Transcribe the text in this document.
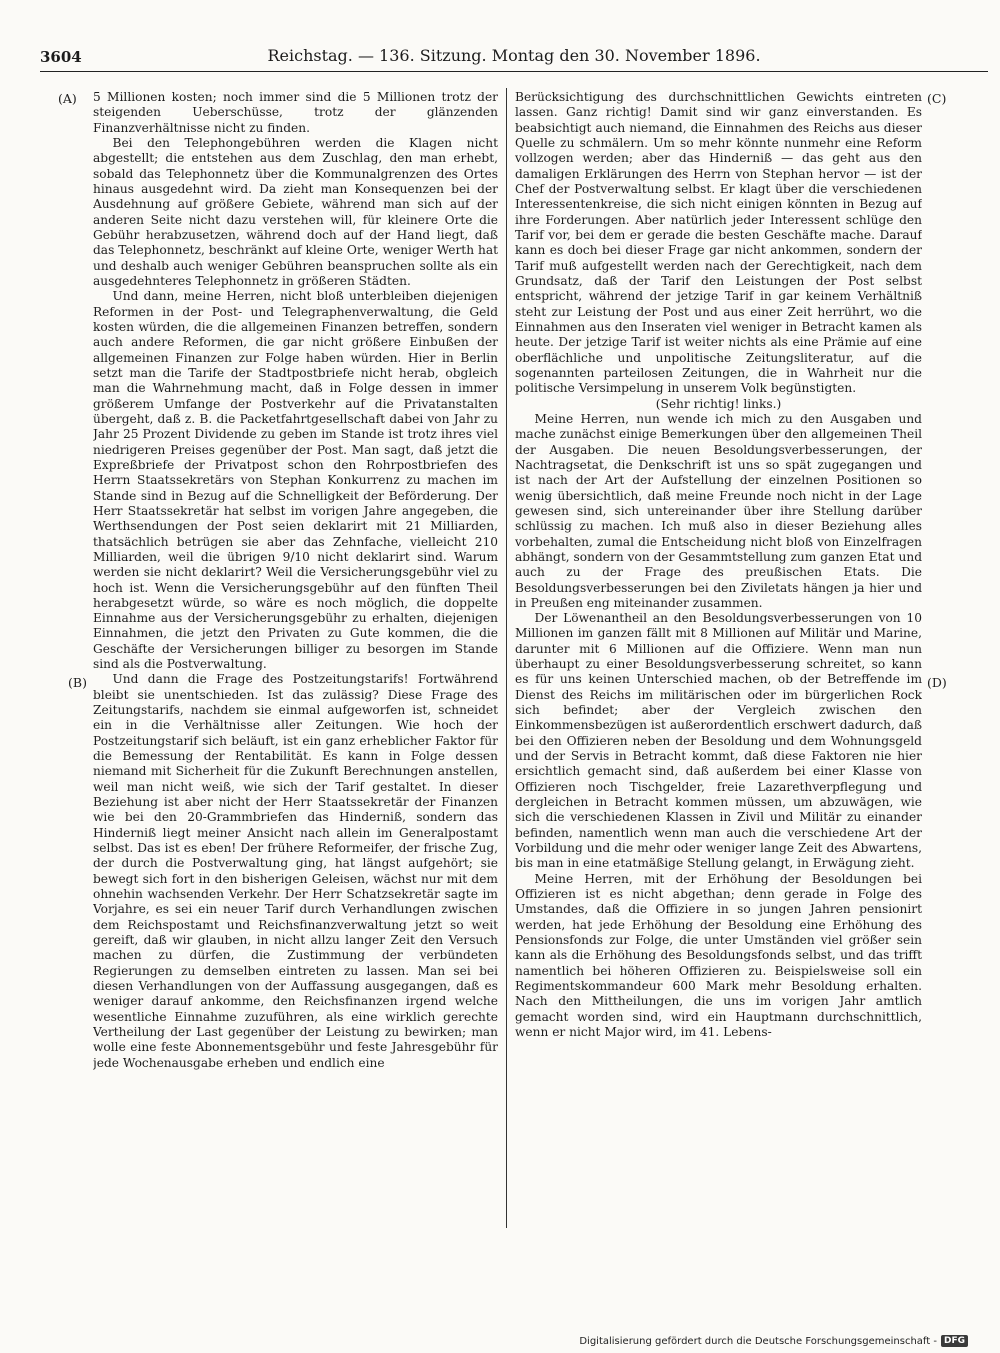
3604	Reichstag. — 136. Sitzung. Montag den 30. November 1896.
(A)
(B)
(C)
(D)

5 Millionen kosten; noch immer sind die 5 Millionen trotz der steigenden Ueberschüsse, trotz der glänzenden Finanzverhältnisse nicht zu finden.

Bei den Telephongebühren werden die Klagen nicht abgestellt; die entstehen aus dem Zuschlag, den man erhebt, sobald das Telephonnetz über die Kommunalgrenzen des Ortes hinaus ausgedehnt wird. Da zieht man Konsequenzen bei der Ausdehnung auf größere Gebiete, während man sich auf der anderen Seite nicht dazu verstehen will, für kleinere Orte die Gebühr herabzusetzen, während doch auf der Hand liegt, daß das Telephonnetz, beschränkt auf kleine Orte, weniger Werth hat und deshalb auch weniger Gebühren beanspruchen sollte als ein ausgedehnteres Telephonnetz in größeren Städten.

Und dann, meine Herren, nicht bloß unterbleiben diejenigen Reformen in der Post- und Telegraphenverwaltung, die Geld kosten würden, die die allgemeinen Finanzen betreffen, sondern auch andere Reformen, die gar nicht größere Einbußen der allgemeinen Finanzen zur Folge haben würden. Hier in Berlin setzt man die Tarife der Stadtpostbriefe nicht herab, obgleich man die Wahrnehmung macht, daß in Folge dessen in immer größerem Umfange der Postverkehr auf die Privatanstalten übergeht, daß z. B. die Packetfahrtgesellschaft dabei von Jahr zu Jahr 25 Prozent Dividende zu geben im Stande ist trotz ihres viel niedrigeren Preises gegenüber der Post. Man sagt, daß jetzt die Expreßbriefe der Privatpost schon den Rohrpostbriefen des Herrn Staatssekretärs von Stephan Konkurrenz zu machen im Stande sind in Bezug auf die Schnelligkeit der Beförderung. Der Herr Staatssekretär hat selbst im vorigen Jahre angegeben, die Werthsendungen der Post seien deklarirt mit 21 Milliarden, thatsächlich betrügen sie aber das Zehnfache, vielleicht 210 Milliarden, weil die übrigen 9/10 nicht deklarirt sind. Warum werden sie nicht deklarirt? Weil die Versicherungsgebühr viel zu hoch ist. Wenn die Versicherungsgebühr auf den fünften Theil herabgesetzt würde, so wäre es noch möglich, die doppelte Einnahme aus der Versicherungsgebühr zu erhalten, diejenigen Einnahmen, die jetzt den Privaten zu Gute kommen, die die Geschäfte der Versicherungen billiger zu besorgen im Stande sind als die Postverwaltung.

Und dann die Frage des Postzeitungstarifs! Fortwährend bleibt sie unentschieden. Ist das zulässig? Diese Frage des Zeitungstarifs, nachdem sie einmal aufgeworfen ist, schneidet ein in die Verhältnisse aller Zeitungen. Wie hoch der Postzeitungstarif sich beläuft, ist ein ganz erheblicher Faktor für die Bemessung der Rentabilität. Es kann in Folge dessen niemand mit Sicherheit für die Zukunft Berechnungen anstellen, weil man nicht weiß, wie sich der Tarif gestaltet. In dieser Beziehung ist aber nicht der Herr Staatssekretär der Finanzen wie bei den 20-Grammbriefen das Hinderniß, sondern das Hinderniß liegt meiner Ansicht nach allein im Generalpostamt selbst. Das ist es eben! Der frühere Reformeifer, der frische Zug, der durch die Postverwaltung ging, hat längst aufgehört; sie bewegt sich fort in den bisherigen Geleisen, wächst nur mit dem ohnehin wachsenden Verkehr. Der Herr Schatzsekretär sagte im Vorjahre, es sei ein neuer Tarif durch Verhandlungen zwischen dem Reichspostamt und Reichsfinanzverwaltung jetzt so weit gereift, daß wir glauben, in nicht allzu langer Zeit den Versuch machen zu dürfen, die Zustimmung der verbündeten Regierungen zu demselben eintreten zu lassen. Man sei bei diesen Verhandlungen von der Auffassung ausgegangen, daß es weniger darauf ankomme, den Reichsfinanzen irgend welche wesentliche Einnahme zuzuführen, als eine wirklich gerechte Vertheilung der Last gegenüber der Leistung zu bewirken; man wolle eine feste Abonnementsgebühr und feste Jahresgebühr für jede Wochenausgabe erheben und endlich eine

Berücksichtigung des durchschnittlichen Gewichts eintreten lassen. Ganz richtig! Damit sind wir ganz einverstanden. Es beabsichtigt auch niemand, die Einnahmen des Reichs aus dieser Quelle zu schmälern. Um so mehr könnte nunmehr eine Reform vollzogen werden; aber das Hinderniß — das geht aus den damaligen Erklärungen des Herrn von Stephan hervor — ist der Chef der Postverwaltung selbst. Er klagt über die verschiedenen Interessentenkreise, die sich nicht einigen könnten in Bezug auf ihre Forderungen. Aber natürlich jeder Interessent schlüge den Tarif vor, bei dem er gerade die besten Geschäfte mache. Darauf kann es doch bei dieser Frage gar nicht ankommen, sondern der Tarif muß aufgestellt werden nach der Gerechtigkeit, nach dem Grundsatz, daß der Tarif den Leistungen der Post selbst entspricht, während der jetzige Tarif in gar keinem Verhältniß steht zur Leistung der Post und aus einer Zeit herrührt, wo die Einnahmen aus den Inseraten viel weniger in Betracht kamen als heute. Der jetzige Tarif ist weiter nichts als eine Prämie auf eine oberflächliche und unpolitische Zeitungsliteratur, auf die sogenannten parteilosen Zeitungen, die in Wahrheit nur die politische Versimpelung in unserem Volk begünstigten.

(Sehr richtig! links.)

Meine Herren, nun wende ich mich zu den Ausgaben und mache zunächst einige Bemerkungen über den allgemeinen Theil der Ausgaben. Die neuen Besoldungsverbesserungen, der Nachtragsetat, die Denkschrift ist uns so spät zugegangen und ist nach der Art der Aufstellung der einzelnen Positionen so wenig übersichtlich, daß meine Freunde noch nicht in der Lage gewesen sind, sich untereinander über ihre Stellung darüber schlüssig zu machen. Ich muß also in dieser Beziehung alles vorbehalten, zumal die Entscheidung nicht bloß von Einzelfragen abhängt, sondern von der Gesammtstellung zum ganzen Etat und auch zu der Frage des preußischen Etats. Die Besoldungsverbesserungen bei den Ziviletats hängen ja hier und in Preußen eng miteinander zusammen.

Der Löwenantheil an den Besoldungsverbesserungen von 10 Millionen im ganzen fällt mit 8 Millionen auf Militär und Marine, darunter mit 6 Millionen auf die Offiziere. Wenn man nun überhaupt zu einer Besoldungsverbesserung schreitet, so kann es für uns keinen Unterschied machen, ob der Betreffende im Dienst des Reichs im militärischen oder im bürgerlichen Rock sich befindet; aber der Vergleich zwischen den Einkommensbezügen ist außerordentlich erschwert dadurch, daß bei den Offizieren neben der Besoldung und dem Wohnungsgeld und der Servis in Betracht kommt, daß diese Faktoren nie hier ersichtlich gemacht sind, daß außerdem bei einer Klasse von Offizieren noch Tischgelder, freie Lazarethverpflegung und dergleichen in Betracht kommen müssen, um abzuwägen, wie sich die verschiedenen Klassen in Zivil und Militär zu einander befinden, namentlich wenn man auch die verschiedene Art der Vorbildung und die mehr oder weniger lange Zeit des Abwartens, bis man in eine etatmäßige Stellung gelangt, in Erwägung zieht.

Meine Herren, mit der Erhöhung der Besoldungen bei Offizieren ist es nicht abgethan; denn gerade in Folge des Umstandes, daß die Offiziere in so jungen Jahren pensionirt werden, hat jede Erhöhung der Besoldung eine Erhöhung des Pensionsfonds zur Folge, die unter Umständen viel größer sein kann als die Erhöhung des Besoldungsfonds selbst, und das trifft namentlich bei höheren Offizieren zu. Beispielsweise soll ein Regimentskommandeur 600 Mark mehr Besoldung erhalten. Nach den Mittheilungen, die uns im vorigen Jahr amtlich gemacht worden sind, wird ein Hauptmann durchschnittlich, wenn er nicht Major wird, im 41. Lebens-

Digitalisierung gefördert durch die Deutsche Forschungsgemeinschaft - DFG
